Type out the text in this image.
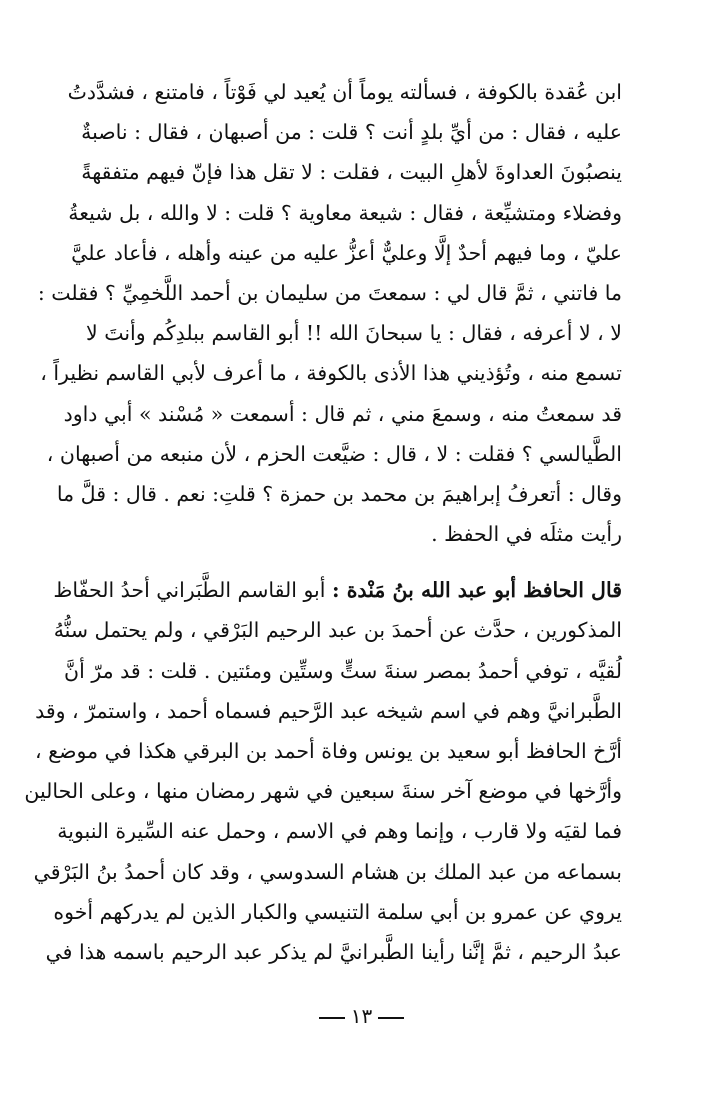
ابن عُقدة بالكوفة ، فسألته يوماً أن يُعيد لي فَوْتاً ، فامتنع ، فشدَّدتُ
عليه ، فقال : من أيِّ بلدٍ أنت ؟ قلت : من أصبهان ، فقال : ناصبةٌ
ينصبُونَ العداوةَ لأهلِ البيت ، فقلت : لا تقل هذا فإنّ فيهم متفقهةً
وفضلاء ومتشيِّعة ، فقال : شيعة معاوية ؟ قلت : لا والله ، بل شيعةُ
عليّ ، وما فيهم أحدٌ إلَّا وعليٌّ أعزُّ عليه من عينه وأهله ، فأعاد عليَّ
ما فاتني ، ثمَّ قال لي : سمعتَ من سليمان بن أحمد اللَّخمِيِّ ؟ فقلت :
لا ، لا أعرفه ، فقال : يا سبحانَ الله !! أبو القاسم ببلدِكُم وأنتَ لا
تسمع منه ، وتُؤذيني هذا الأذى بالكوفة ، ما أعرف لأبي القاسم نظيراً ،
قد سمعتُ منه ، وسمعَ مني ، ثم قال : أسمعت « مُسْند » أبي داود
الطَّيالسي ؟ فقلت : لا ، قال : ضيَّعت الحزم ، لأن منبعه من أصبهان ،
وقال : أتعرفُ إبراهيمَ بن محمد بن حمزة ؟ قلتِ: نعم . قال : قلَّ ما
رأيت مثلَه في الحفظ .
قال الحافظ أبو عبد الله بنُ مَنْدة : أبو القاسم الطَّبَراني أحدُ الحفّاظ
المذكورين ، حدَّث عن أحمدَ بن عبد الرحيم البَرْقي ، ولم يحتمل سنُّهُ
لُقيَّه ، توفي أحمدُ بمصر سنةَ ستٍّ وستِّين ومئتين . قلت : قد مرّ أنَّ
الطَّبرانيَّ وهم في اسم شيخه عبد الرَّحيم فسماه أحمد ، واستمرّ ، وقد
أرَّخ الحافظ أبو سعيد بن يونس وفاة أحمد بن البرقي هكذا في موضع ،
وأرَّخها في موضع آخر سنةَ سبعين في شهر رمضان منها ، وعلى الحالين
فما لقيَه ولا قارب ، وإنما وهم في الاسم ، وحمل عنه السِّيرة النبوية
بسماعه من عبد الملك بن هشام السدوسي ، وقد كان أحمدُ بنُ البَرْقي
يروي عن عمرو بن أبي سلمة التنيسي والكبار الذين لم يدركهم أخوه
عبدُ الرحيم ، ثمَّ إنَّنا رأينا الطَّبرانيَّ لم يذكر عبد الرحيم باسمه هذا في
١٣
